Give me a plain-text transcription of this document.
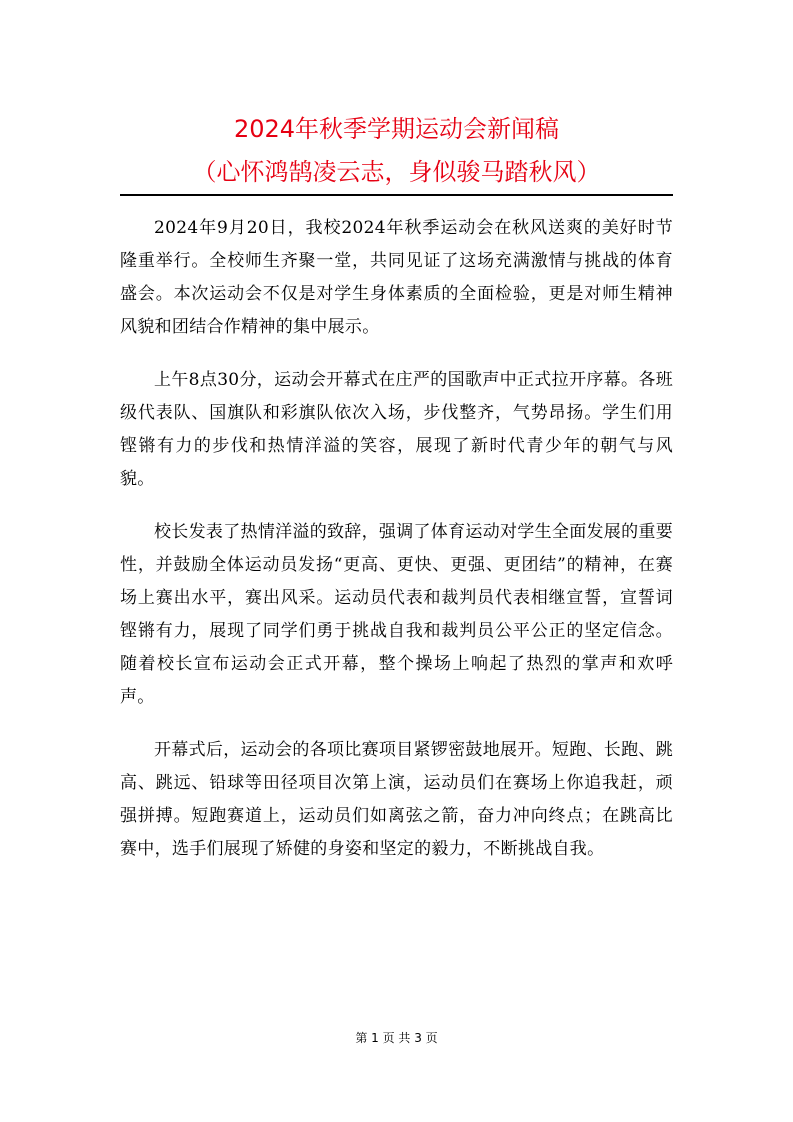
2024年秋季学期运动会新闻稿
（心怀鸿鹄凌云志，身似骏马踏秋风）

2024年9月20日，我校2024年秋季运动会在秋风送爽的美好时节隆重举行。全校师生齐聚一堂，共同见证了这场充满激情与挑战的体育盛会。本次运动会不仅是对学生身体素质的全面检验，更是对师生精神风貌和团结合作精神的集中展示。

上午8点30分，运动会开幕式在庄严的国歌声中正式拉开序幕。各班级代表队、国旗队和彩旗队依次入场，步伐整齐，气势昂扬。学生们用铿锵有力的步伐和热情洋溢的笑容，展现了新时代青少年的朝气与风貌。

校长发表了热情洋溢的致辞，强调了体育运动对学生全面发展的重要性，并鼓励全体运动员发扬“更高、更快、更强、更团结”的精神，在赛场上赛出水平，赛出风采。运动员代表和裁判员代表相继宣誓，宣誓词铿锵有力，展现了同学们勇于挑战自我和裁判员公平公正的坚定信念。随着校长宣布运动会正式开幕，整个操场上响起了热烈的掌声和欢呼声。

开幕式后，运动会的各项比赛项目紧锣密鼓地展开。短跑、长跑、跳高、跳远、铅球等田径项目次第上演，运动员们在赛场上你追我赶，顽强拼搏。短跑赛道上，运动员们如离弦之箭，奋力冲向终点；在跳高比赛中，选手们展现了矫健的身姿和坚定的毅力，不断挑战自我。

第 1 页 共 3 页
